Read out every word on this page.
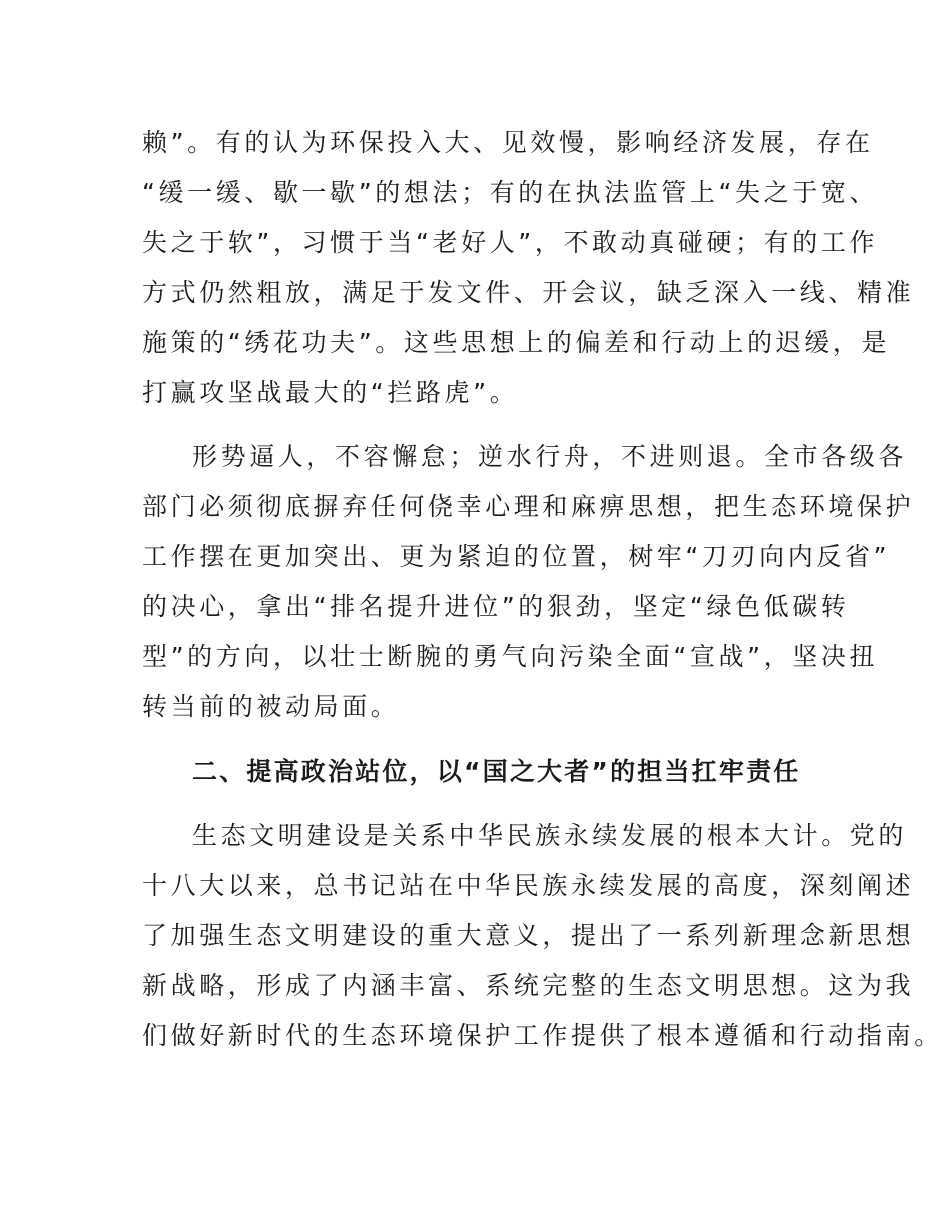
赖”。有的认为环保投入大、见效慢，影响经济发展，存在
“缓一缓、歇一歇”的想法；有的在执法监管上“失之于宽、
失之于软”，习惯于当“老好人”，不敢动真碰硬；有的工作
方式仍然粗放，满足于发文件、开会议，缺乏深入一线、精准
施策的“绣花功夫”。这些思想上的偏差和行动上的迟缓，是
打赢攻坚战最大的“拦路虎”。
形势逼人，不容懈怠；逆水行舟，不进则退。全市各级各
部门必须彻底摒弃任何侥幸心理和麻痹思想，把生态环境保护
工作摆在更加突出、更为紧迫的位置，树牢“刀刃向内反省”
的决心，拿出“排名提升进位”的狠劲，坚定“绿色低碳转
型”的方向，以壮士断腕的勇气向污染全面“宣战”，坚决扭
转当前的被动局面。
二、提高政治站位，以“国之大者”的担当扛牢责任
生态文明建设是关系中华民族永续发展的根本大计。党的
十八大以来，总书记站在中华民族永续发展的高度，深刻阐述
了加强生态文明建设的重大意义，提出了一系列新理念新思想
新战略，形成了内涵丰富、系统完整的生态文明思想。这为我
们做好新时代的生态环境保护工作提供了根本遵循和行动指南。
